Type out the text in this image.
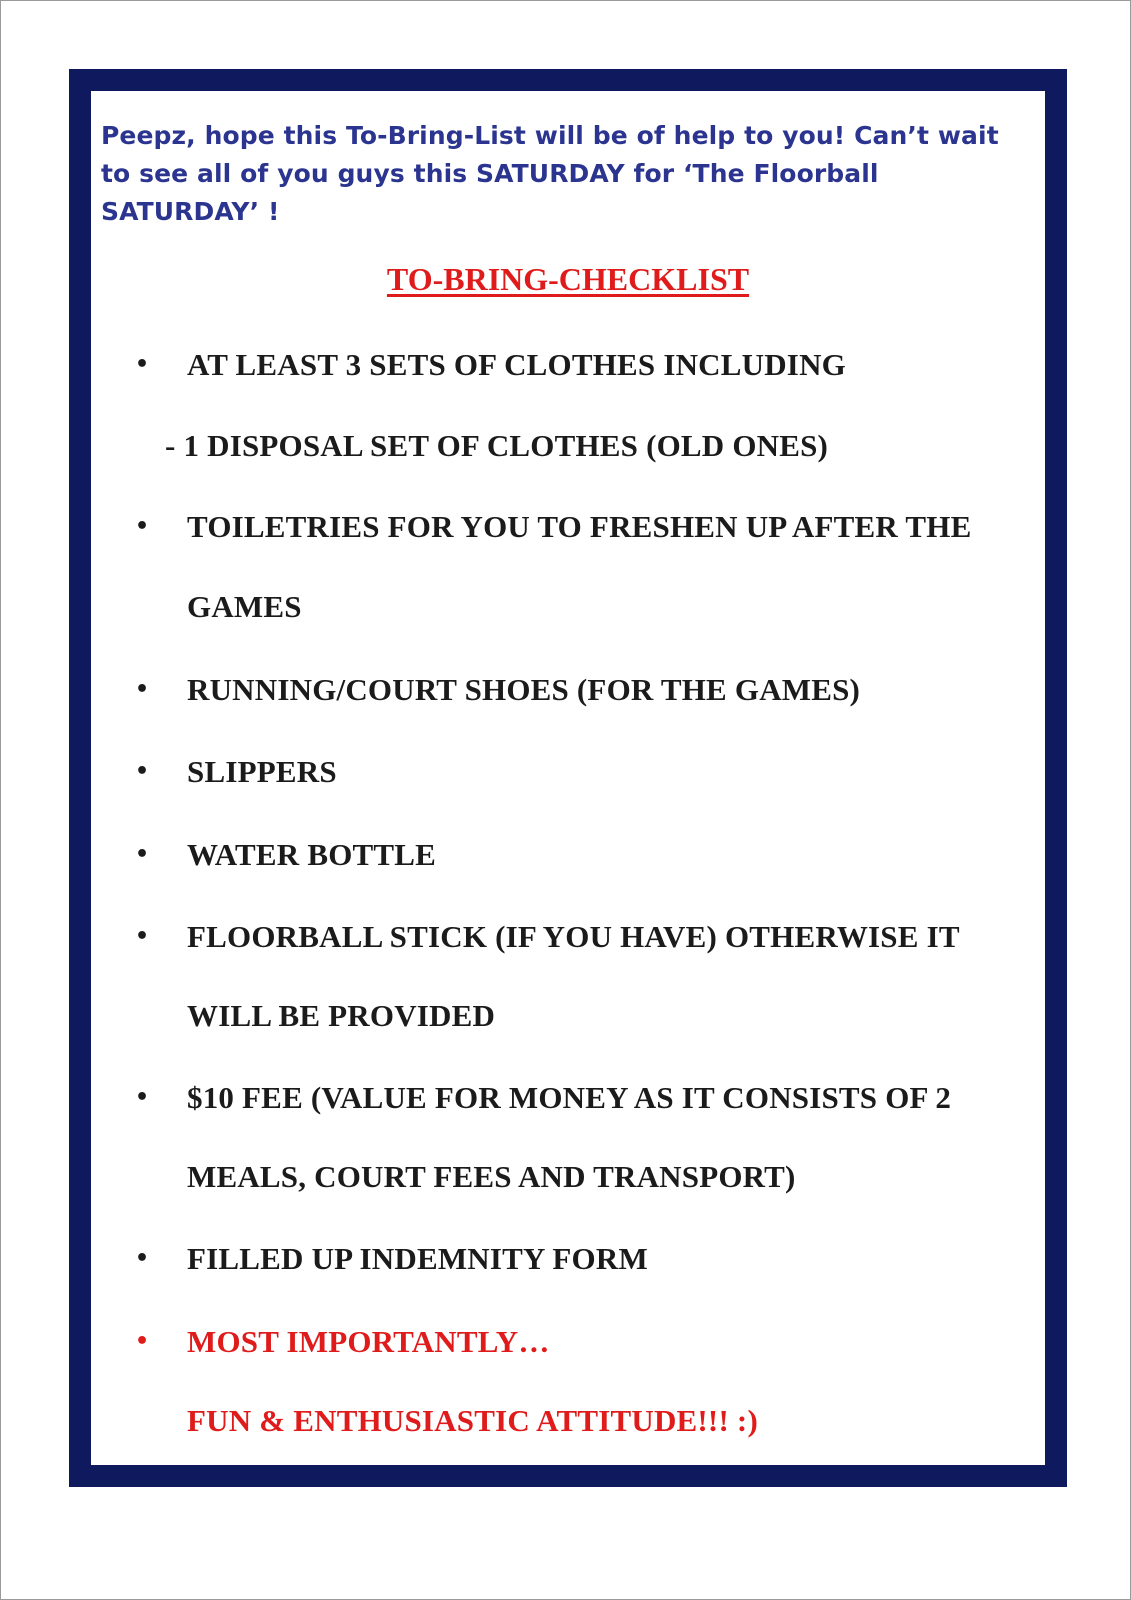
Peepz, hope this To-Bring-List will be of help to you! Can’t wait to see all of you guys this SATURDAY for ‘The Floorball SATURDAY’ !

TO-BRING-CHECKLIST
• AT LEAST 3 SETS OF CLOTHES INCLUDING
- 1 DISPOSAL SET OF CLOTHES (OLD ONES)
• TOILETRIES FOR YOU TO FRESHEN UP AFTER THE
GAMES
• RUNNING/COURT SHOES (FOR THE GAMES)
• SLIPPERS
• WATER BOTTLE
• FLOORBALL STICK (IF YOU HAVE) OTHERWISE IT
WILL BE PROVIDED
• $10 FEE (VALUE FOR MONEY AS IT CONSISTS OF 2
MEALS, COURT FEES AND TRANSPORT)
• FILLED UP INDEMNITY FORM
• MOST IMPORTANTLY…
FUN & ENTHUSIASTIC ATTITUDE!!! :)
